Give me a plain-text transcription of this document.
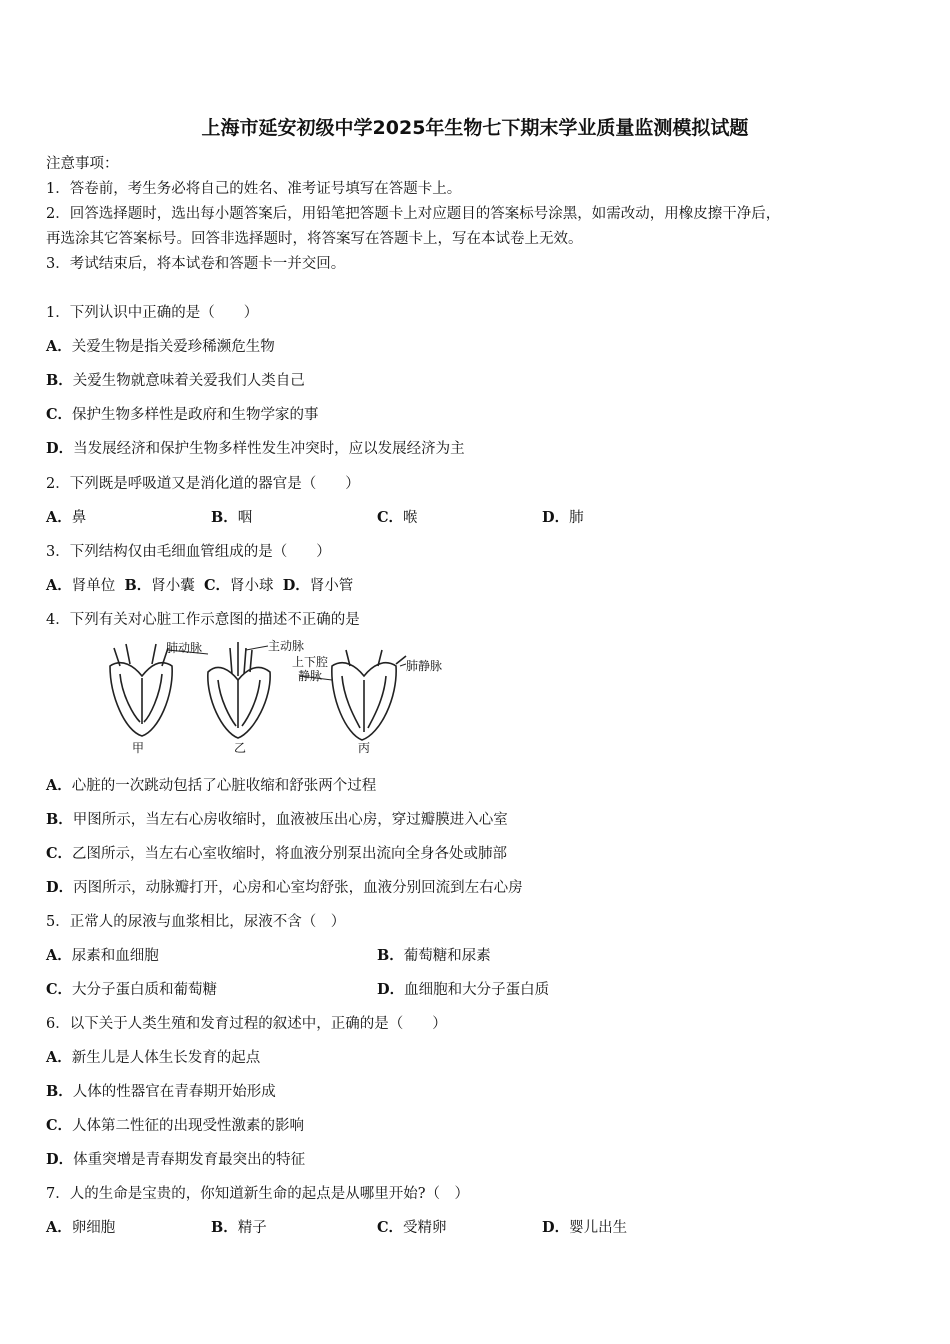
上海市延安初级中学2025年生物七下期末学业质量监测模拟试题
注意事项：
1．答卷前，考生务必将自己的姓名、准考证号填写在答题卡上。
2．回答选择题时，选出每小题答案后，用铅笔把答题卡上对应题目的答案标号涂黑，如需改动，用橡皮擦干净后，
再选涂其它答案标号。回答非选择题时，将答案写在答题卡上，写在本试卷上无效。
3．考试结束后，将本试卷和答题卡一并交回。
1．下列认识中正确的是（　　）
A．关爱生物是指关爱珍稀濒危生物
B．关爱生物就意味着关爱我们人类自己
C．保护生物多样性是政府和生物学家的事
D．当发展经济和保护生物多样性发生冲突时，应以发展经济为主
2．下列既是呼吸道又是消化道的器官是（　　）
A．鼻	B．咽	C．喉	D．肺
3．下列结构仅由毛细血管组成的是（　　）
A．肾单位 B．肾小囊 C．肾小球 D．肾小管
4．下列有关对心脏工作示意图的描述不正确的是
肺动脉	主动脉
上下腔
静脉
肺静脉
甲	乙	丙
A．心脏的一次跳动包括了心脏收缩和舒张两个过程
B．甲图所示，当左右心房收缩时，血液被压出心房，穿过瓣膜进入心室
C．乙图所示，当左右心室收缩时，将血液分别泵出流向全身各处或肺部
D．丙图所示，动脉瓣打开，心房和心室均舒张，血液分别回流到左右心房
5．正常人的尿液与血浆相比，尿液不含（　）
A．尿素和血细胞	B．葡萄糖和尿素
C．大分子蛋白质和葡萄糖	D．血细胞和大分子蛋白质
6．以下关于人类生殖和发育过程的叙述中，正确的是（　　）
A．新生儿是人体生长发育的起点
B．人体的性器官在青春期开始形成
C．人体第二性征的出现受性激素的影响
D．体重突增是青春期发育最突出的特征
7．人的生命是宝贵的，你知道新生命的起点是从哪里开始?（　）
A．卵细胞	B．精子	C．受精卵	D．婴儿出生
